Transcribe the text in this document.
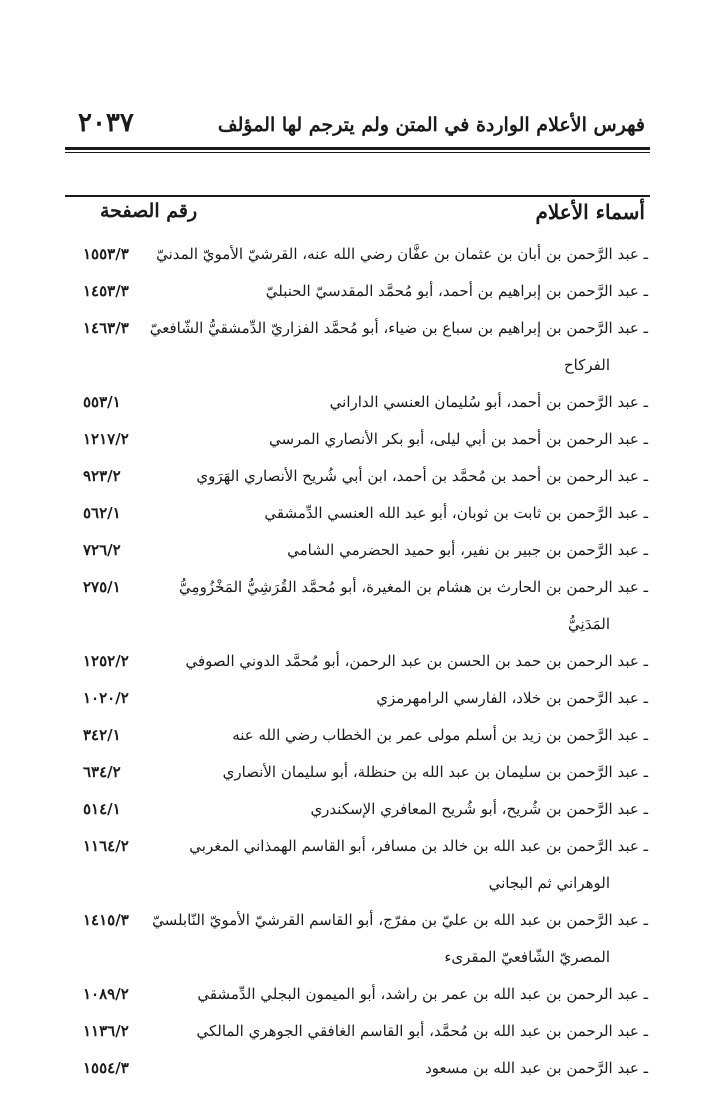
فهرس الأعلام الواردة في المتن ولم يترجم لها المؤلف
٢٠٣٧
أسماء الأعلام
رقم الصفحة
ـ عبد الرَّحمن بن أبان بن عثمان بن عفَّان رضي الله عنه، القرشيّ الأمويّ المدنيّ
١٥٥٣/٣
ـ عبد الرَّحمن بن إبراهيم بن أحمد، أبو مُحمَّد المقدسيّ الحنبليّ
١٤٥٣/٣
ـ عبد الرَّحمن بن إبراهيم بن سباع بن ضياء، أبو مُحمَّد الفزاريّ الدِّمشقيُّ الشّافعيّ
الفركاح
١٤٦٣/٣
ـ عبد الرَّحمن بن أحمد، أبو سُليمان العنسي الداراني
٥٥٣/١
ـ عبد الرحمن بن أحمد بن أبي ليلى، أبو بكر الأنصاري المرسي
١٢١٧/٢
ـ عبد الرحمن بن أحمد بن مُحمَّد بن أحمد، ابن أبي شُريح الأنصاري الهَرَوي
٩٢٣/٢
ـ عبد الرَّحمن بن ثابت بن ثوبان، أبو عبد الله العنسي الدِّمشقي
٥٦٢/١
ـ عبد الرَّحمن بن جبير بن نفير، أبو حميد الحضرمي الشامي
٧٢٦/٢
ـ عبد الرحمن بن الحارث بن هشام بن المغيرة، أبو مُحمَّد القُرَشِيُّ المَخْزُومِيُّ
المَدَنِيُّ
٢٧٥/١
ـ عبد الرحمن بن حمد بن الحسن بن عبد الرحمن، أبو مُحمَّد الدوني الصوفي
١٢٥٢/٢
ـ عبد الرَّحمن بن خلاد، الفارسي الرامهرمزي
١٠٢٠/٢
ـ عبد الرَّحمن بن زيد بن أسلم مولى عمر بن الخطاب رضي الله عنه
٣٤٢/١
ـ عبد الرَّحمن بن سليمان بن عبد الله بن حنظلة، أبو سليمان الأنصاري
٦٣٤/٢
ـ عبد الرَّحمن بن شُريح، أبو شُريح المعافري الإسكندري
٥١٤/١
ـ عبد الرَّحمن بن عبد الله بن خالد بن مسافر، أبو القاسم الهمذاني المغربي
الوهراني ثم البجاني
١١٦٤/٢
ـ عبد الرَّحمن بن عبد الله بن عليّ بن مفرّج، أبو القاسم القرشيّ الأمويّ النّابلسيّ
المصريّ الشّافعيّ المقرىء
١٤١٥/٣
ـ عبد الرحمن بن عبد الله بن عمر بن راشد، أبو الميمون البجلي الدِّمشقي
١٠٨٩/٢
ـ عبد الرحمن بن عبد الله بن مُحمَّد، أبو القاسم الغافقي الجوهري المالكي
١١٣٦/٢
ـ عبد الرَّحمن بن عبد الله بن مسعود
١٥٥٤/٣
